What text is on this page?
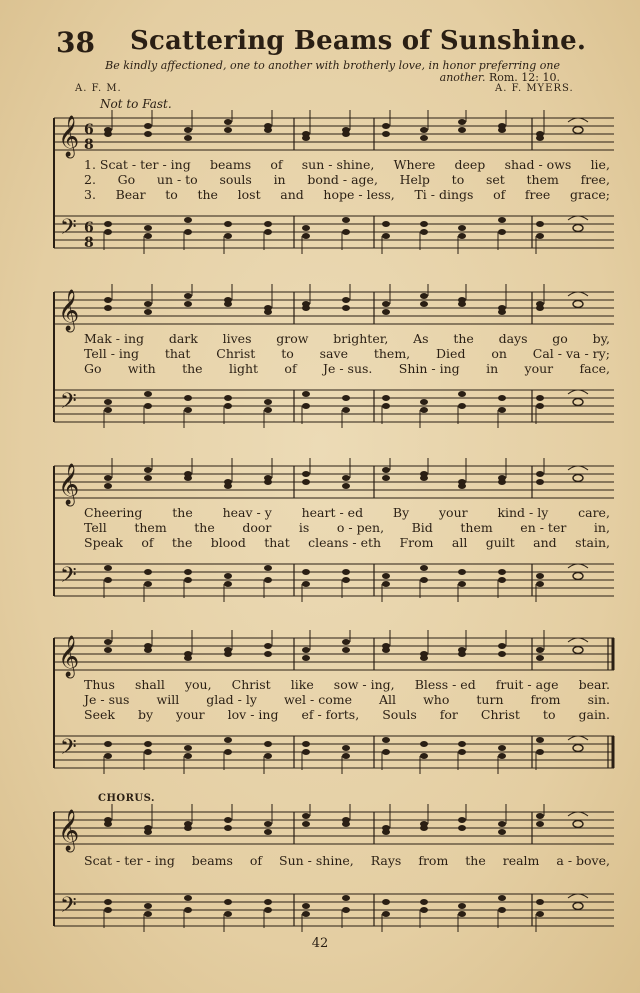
38 Scattering Beams of Sunshine.
Be kindly affectioned, one to another with brotherly love, in honor preferring one another. Rom. 12: 10.
A. F. M.	A. F. MYERS.
Not to Fast.
𝄞
𝄢
6
8
6
8
1. Scat - ter - ing beams of sun - shine, Where deep shad - ows lie,
2. Go un - to souls in bond - age, Help to set them free,
3. Bear to the lost and hope - less, Ti - dings of free grace;
𝄞
𝄢
Mak - ing dark lives grow brighter, As the days go by,
Tell - ing that Christ to save them, Died on Cal - va - ry;
Go with the light of Je - sus. Shin - ing in your face,
𝄞
𝄢
Cheering the heav - y heart - ed By your kind - ly care,
Tell them the door is o - pen, Bid them en - ter in,
Speak of the blood that cleans - eth From all guilt and stain,
𝄞
𝄢
Thus shall you, Christ like sow - ing, Bless - ed fruit - age bear.
Je - sus will glad - ly wel - come All who turn from sin.
Seek by your lov - ing ef - forts, Souls for Christ to gain.
CHORUS.
𝄞
𝄢
Scat - ter - ing beams of Sun - shine, Rays from the realm a - bove,
42
